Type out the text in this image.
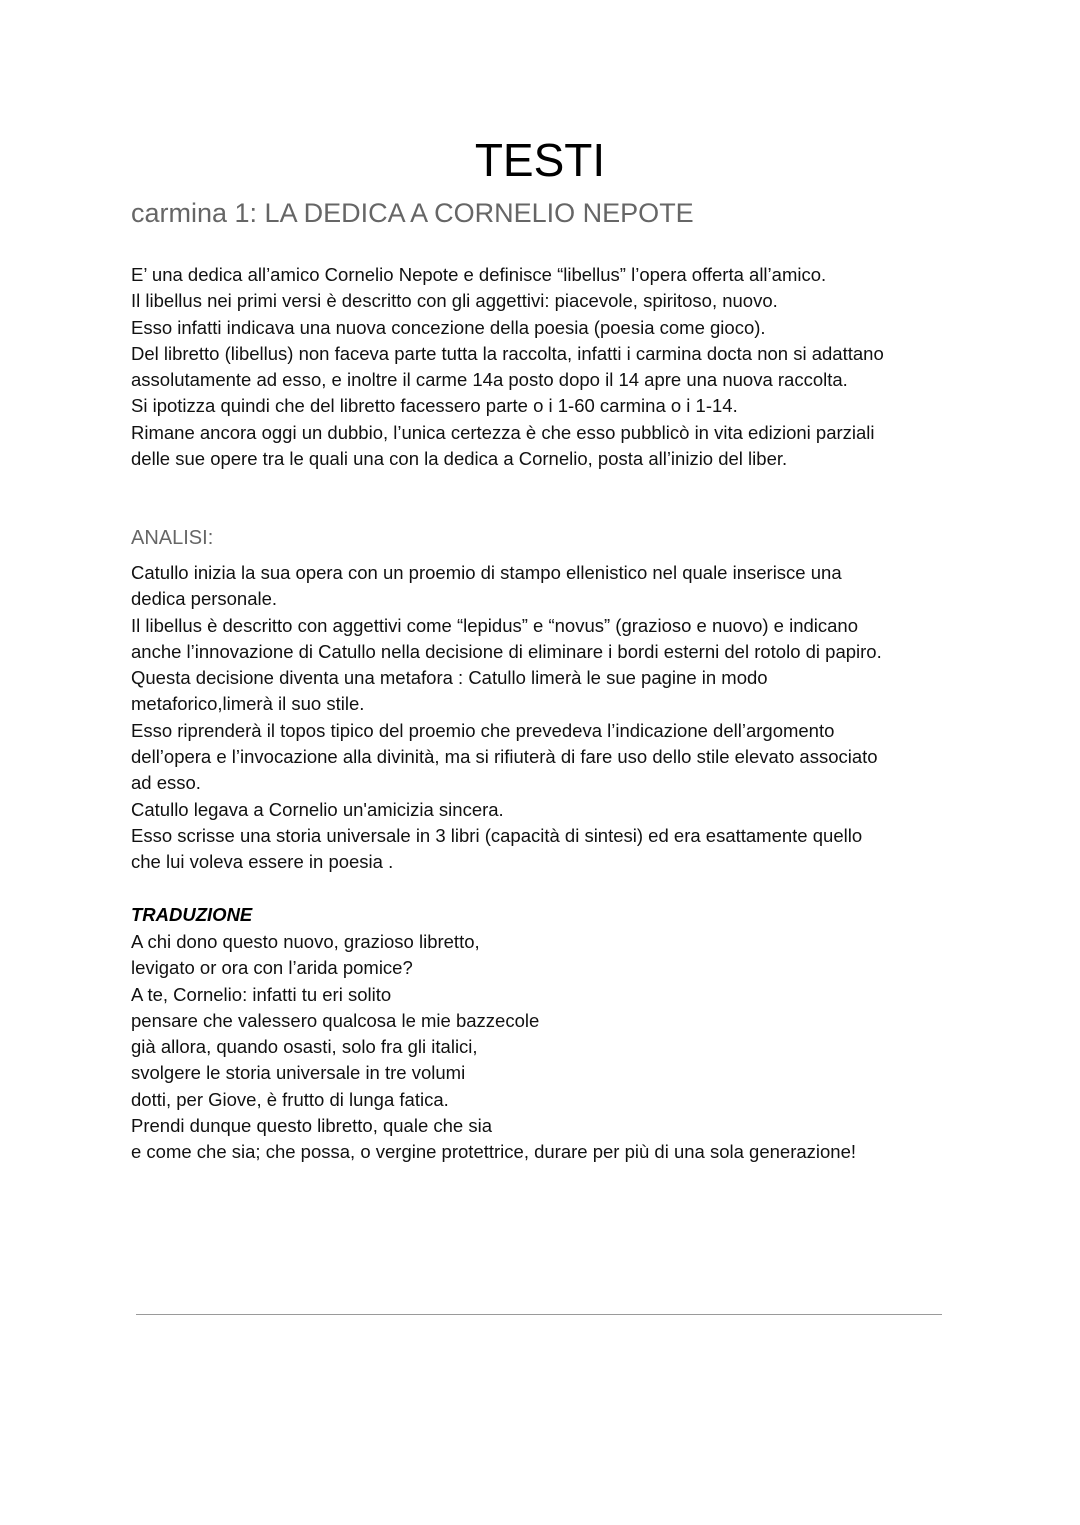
TESTI
carmina 1: LA DEDICA A CORNELIO NEPOTE
E’ una dedica all’amico Cornelio Nepote e definisce “libellus” l’opera offerta all’amico.
Il libellus nei primi versi è descritto con gli aggettivi: piacevole, spiritoso, nuovo.
Esso infatti indicava una nuova concezione della poesia (poesia come gioco).
Del libretto (libellus) non faceva parte tutta la raccolta, infatti i carmina docta non si adattano
assolutamente ad esso, e inoltre il carme 14a posto dopo il 14 apre una nuova raccolta.
Si ipotizza quindi che del libretto facessero parte o i 1-60 carmina o i 1-14.
Rimane ancora oggi un dubbio, l’unica certezza è che esso pubblicò in vita edizioni parziali
delle sue opere tra le quali una con la dedica a Cornelio, posta all’inizio del liber.
ANALISI:
Catullo inizia la sua opera con un proemio di stampo ellenistico nel quale inserisce una
dedica personale.
Il libellus è descritto con aggettivi come “lepidus” e “novus” (grazioso e nuovo) e indicano
anche l’innovazione di Catullo nella decisione di eliminare i bordi esterni del rotolo di papiro.
Questa decisione diventa una metafora : Catullo limerà le sue pagine in modo
metaforico,limerà il suo stile.
Esso riprenderà il topos tipico del proemio che prevedeva l’indicazione dell’argomento
dell’opera e l’invocazione alla divinità, ma si rifiuterà di fare uso dello stile elevato associato
ad esso.
Catullo legava a Cornelio un'amicizia sincera.
Esso scrisse una storia universale in 3 libri (capacità di sintesi) ed era esattamente quello
che lui voleva essere in poesia .
TRADUZIONE
A chi dono questo nuovo, grazioso libretto,
levigato or ora con l’arida pomice?
A te, Cornelio: infatti tu eri solito
pensare che valessero qualcosa le mie bazzecole
già allora, quando osasti, solo fra gli italici,
svolgere le storia universale in tre volumi
dotti, per Giove, è frutto di lunga fatica.
Prendi dunque questo libretto, quale che sia
e come che sia; che possa, o vergine protettrice, durare per più di una sola generazione!
